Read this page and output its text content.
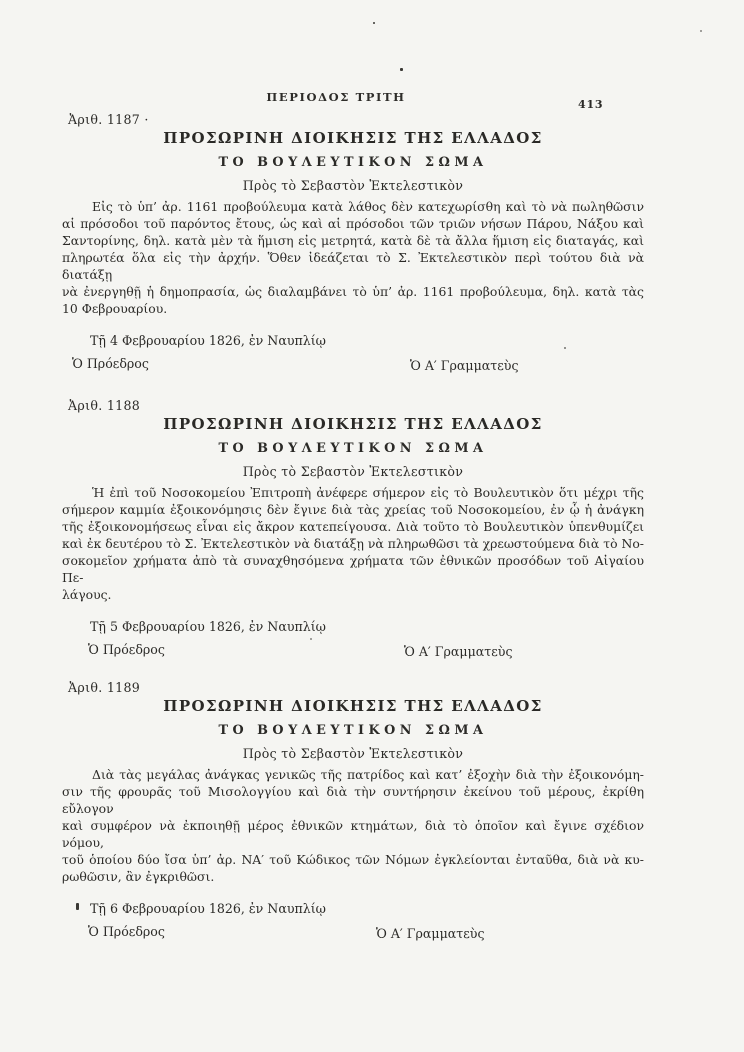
ΠΕΡΙΟΔΟΣ ΤΡΙΤΗ
413
Ἀριθ. 1187 ·
ΠΡΟΣΩΡΙΝΗ ΔΙΟΙΚΗΣΙΣ ΤΗΣ ΕΛΛΑΔΟΣ
ΤΟ ΒΟΥΛΕΥΤΙΚΟΝ ΣΩΜΑ
Πρὸς τὸ Σεβαστὸν Ἐκτελεστικὸν
Εἰς τὸ ὑπ’ ἀρ. 1161 προβούλευμα κατὰ λάθος δὲν κατεχωρίσθη καὶ τὸ νὰ πωληθῶσιν
αἱ πρόσοδοι τοῦ παρόντος ἔτους, ὡς καὶ αἱ πρόσοδοι τῶν τριῶν νήσων Πάρου, Νάξου καὶ
Σαντορίνης, δηλ. κατὰ μὲν τὰ ἥμιση εἰς μετρητά, κατὰ δὲ τὰ ἄλλα ἥμιση εἰς διαταγάς, καὶ
πληρωτέα ὅλα εἰς τὴν ἀρχήν. Ὅθεν ἰδεάζεται τὸ Σ. Ἐκτελεστικὸν περὶ τούτου διὰ νὰ διατάξῃ
νὰ ἐνεργηθῇ ἡ δημοπρασία, ὡς διαλαμβάνει τὸ ὑπ’ ἀρ. 1161 προβούλευμα, δηλ. κατὰ τὰς
10 Φεβρουαρίου.
Τῇ 4 Φεβρουαρίου 1826, ἐν Ναυπλίῳ
Ὁ Πρόεδρος	Ὁ Α′ Γραμματεὺς
Ἀριθ. 1188
ΠΡΟΣΩΡΙΝΗ ΔΙΟΙΚΗΣΙΣ ΤΗΣ ΕΛΛΑΔΟΣ
ΤΟ ΒΟΥΛΕΥΤΙΚΟΝ ΣΩΜΑ
Πρὸς τὸ Σεβαστὸν Ἐκτελεστικὸν
Ἡ ἐπὶ τοῦ Νοσοκομείου Ἐπιτροπὴ ἀνέφερε σήμερον εἰς τὸ Βουλευτικὸν ὅτι μέχρι τῆς
σήμερον καμμία ἐξοικονόμησις δὲν ἔγινε διὰ τὰς χρείας τοῦ Νοσοκομείου, ἐν ᾧ ἡ ἀνάγκη
τῆς ἐξοικονομήσεως εἶναι εἰς ἄκρον κατεπείγουσα. Διὰ τοῦτο τὸ Βουλευτικὸν ὑπενθυμίζει
καὶ ἐκ δευτέρου τὸ Σ. Ἐκτελεστικὸν νὰ διατάξῃ νὰ πληρωθῶσι τὰ χρεωστούμενα διὰ τὸ Νο-
σοκομεῖον χρήματα ἀπὸ τὰ συναχθησόμενα χρήματα τῶν ἐθνικῶν προσόδων τοῦ Αἰγαίου Πε-
λάγους.
Τῇ 5 Φεβρουαρίου 1826, ἐν Ναυπλίῳ
Ὁ Πρόεδρος	Ὁ Α′ Γραμματεὺς
Ἀριθ. 1189
ΠΡΟΣΩΡΙΝΗ ΔΙΟΙΚΗΣΙΣ ΤΗΣ ΕΛΛΑΔΟΣ
ΤΟ ΒΟΥΛΕΥΤΙΚΟΝ ΣΩΜΑ
Πρὸς τὸ Σεβαστὸν Ἐκτελεστικὸν
Διὰ τὰς μεγάλας ἀνάγκας γενικῶς τῆς πατρίδος καὶ κατ’ ἐξοχὴν διὰ τὴν ἐξοικονόμη-
σιν τῆς φρουρᾶς τοῦ Μισολογγίου καὶ διὰ τὴν συντήρησιν ἐκείνου τοῦ μέρους, ἐκρίθη εὔλογον
καὶ συμφέρον νὰ ἐκποιηθῇ μέρος ἐθνικῶν κτημάτων, διὰ τὸ ὁποῖον καὶ ἔγινε σχέδιον νόμου,
τοῦ ὁποίου δύο ἴσα ὑπ’ ἀρ. ΝΑ′ τοῦ Κώδικος τῶν Νόμων ἐγκλείονται ἐνταῦθα, διὰ νὰ κυ-
ρωθῶσιν, ἂν ἐγκριθῶσι.
Τῇ 6 Φεβρουαρίου 1826, ἐν Ναυπλίῳ
Ὁ Πρόεδρος	Ὁ Α′ Γραμματεὺς
